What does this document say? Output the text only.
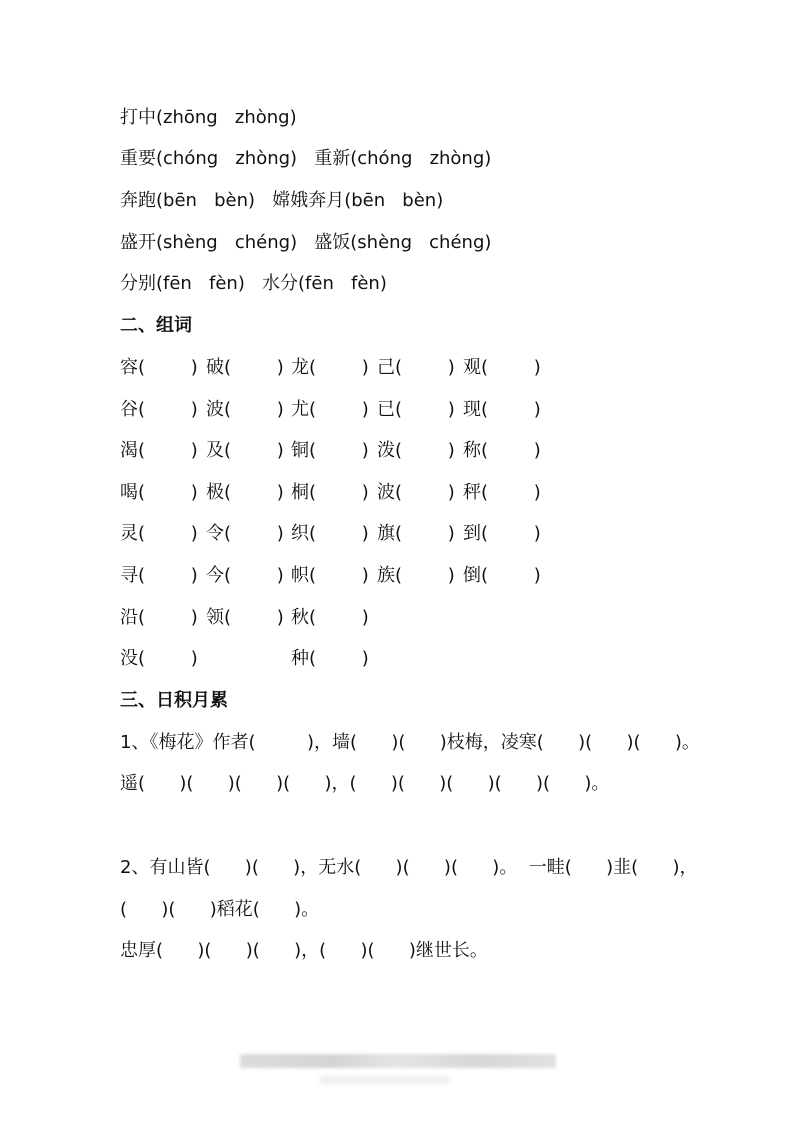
打中(zhōng   zhòng)
重要(chóng   zhòng)   重新(chóng   zhòng)
奔跑(bēn   bèn)   嫦娥奔月(bēn   bèn)
盛开(shèng   chéng)   盛饭(shèng   chéng)
分别(fēn   fèn)   水分(fēn   fèn)
二、组词
容(        ) 破(        ) 龙(        ) 己(        ) 观(        )
谷(        ) 波(        ) 尤(        ) 已(        ) 现(        )
渴(        ) 及(        ) 铜(        ) 泼(        ) 称(        )
喝(        ) 极(        ) 桐(        ) 波(        ) 秤(        )
灵(        ) 令(        ) 织(        ) 旗(        ) 到(        )
寻(        ) 今(        ) 帜(        ) 族(        ) 倒(        )
沿(        ) 领(        ) 秋(        )
没(        )	种(        )
三、日积月累
1、《梅花》作者(         )，墙(      )(      )枝梅，凌寒(      )(      )(      )。
遥(      )(      )(      )(      )，(      )(      )(      )(      )(      )。
2、有山皆(      )(      )，无水(      )(      )(      )。  一畦(      )韭(      )，
(      )(      )稻花(      )。
忠厚(      )(      )(      )，(      )(      )继世长。
